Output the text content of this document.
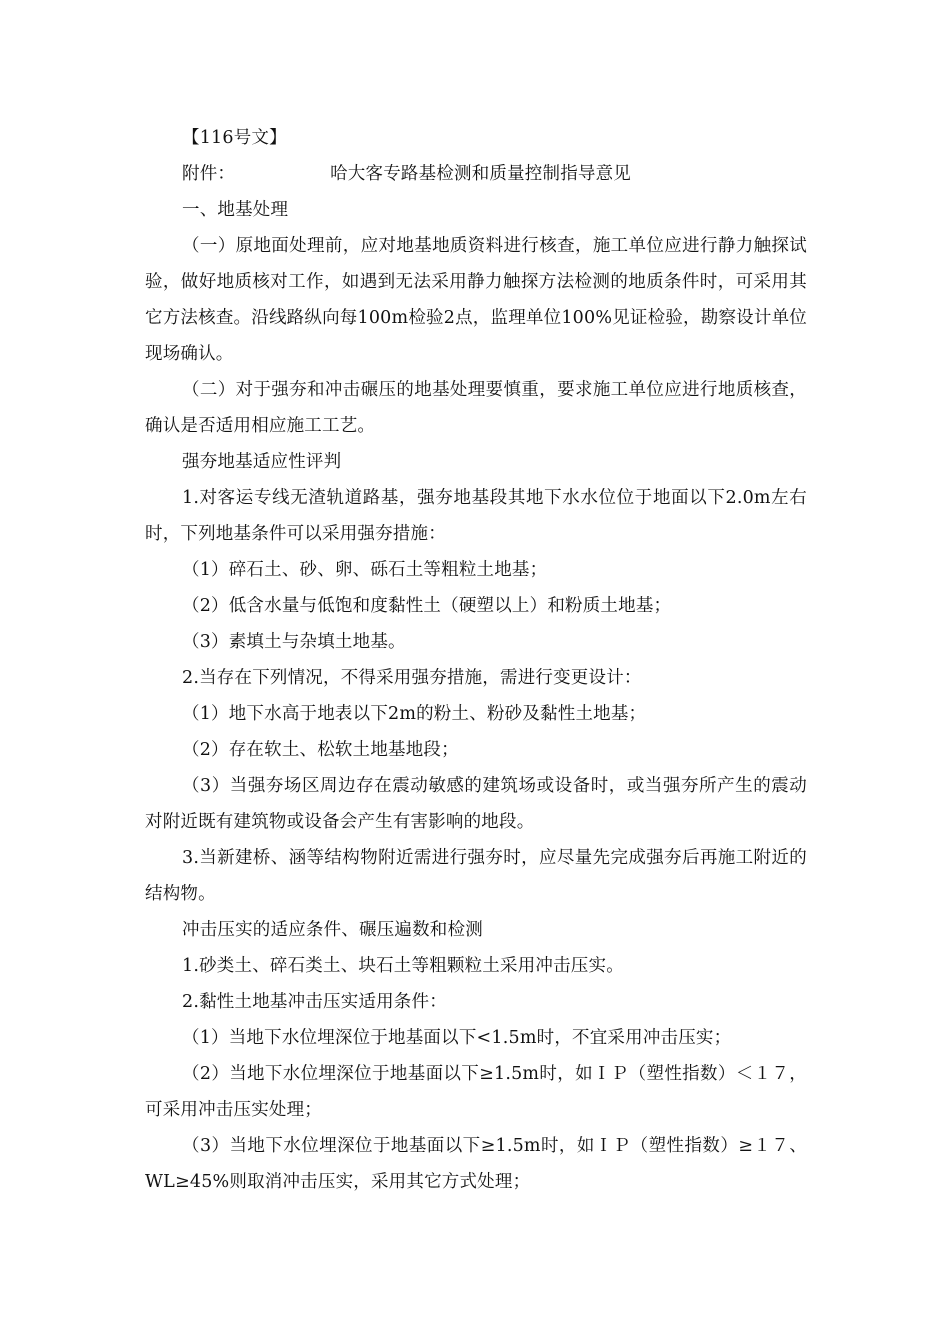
【116号文】

附件：	哈大客专路基检测和质量控制指导意见

一、地基处理

（一）原地面处理前，应对地基地质资料进行核查，施工单位应进行静力触探试验，做好地质核对工作，如遇到无法采用静力触探方法检测的地质条件时，可采用其它方法核查。沿线路纵向每100m检验2点，监理单位100%见证检验，勘察设计单位现场确认。

（二）对于强夯和冲击碾压的地基处理要慎重，要求施工单位应进行地质核查，确认是否适用相应施工工艺。

强夯地基适应性评判

1.对客运专线无渣轨道路基，强夯地基段其地下水水位位于地面以下2.0m左右时，下列地基条件可以采用强夯措施：

（1）碎石土、砂、卵、砾石土等粗粒土地基；

（2）低含水量与低饱和度黏性土（硬塑以上）和粉质土地基；

（3）素填土与杂填土地基。

2.当存在下列情况，不得采用强夯措施，需进行变更设计：

（1）地下水高于地表以下2m的粉土、粉砂及黏性土地基；

（2）存在软土、松软土地基地段；

（3）当强夯场区周边存在震动敏感的建筑场或设备时，或当强夯所产生的震动对附近既有建筑物或设备会产生有害影响的地段。

3.当新建桥、涵等结构物附近需进行强夯时，应尽量先完成强夯后再施工附近的结构物。

冲击压实的适应条件、碾压遍数和检测

1.砂类土、碎石类土、块石土等粗颗粒土采用冲击压实。

2.黏性土地基冲击压实适用条件：

（1）当地下水位埋深位于地基面以下<1.5m时，不宜采用冲击压实；

（2）当地下水位埋深位于地基面以下≥1.5m时，如ＩＰ（塑性指数）＜１７，可采用冲击压实处理；

（3）当地下水位埋深位于地基面以下≥1.5m时，如ＩＰ（塑性指数）≥１７、WL≥45%则取消冲击压实，采用其它方式处理；
